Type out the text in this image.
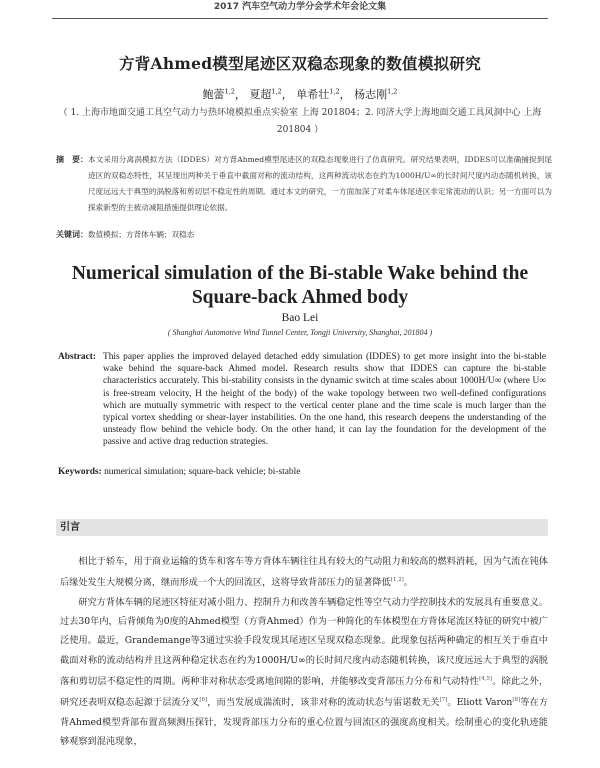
2017 汽车空气动力学分会学术年会论文集
方背Ahmed模型尾迹区双稳态现象的数值模拟研究
鲍蕾$^{1,2}$， 夏超$^{1,2}$， 单希壮$^{1,2}$， 杨志刚$^{1,2}$
（ 1. 上海市地面交通工具空气动力与热环境模拟重点实验室 上海 201804；2. 同济大学上海地面交通工具风洞中心 上海 201804 ）
摘　要： 本文采用分离涡模拟方法（IDDES）对方背Ahmed模型尾迹区的双稳态现象进行了仿真研究。研究结果表明，IDDES可以准确捕捉到尾迹区的双稳态特性，其呈现出两种关于垂直中截面对称的流动结构，这两种流动状态在约为1000H/U∞的长时间尺度内动态随机转换，该尺度远远大于典型的涡脱落和剪切层不稳定性的周期。通过本文的研究，一方面加深了对柔车体尾迹区非定常流动的认识；另一方面可以为探索新型的主被动减阻措施提供理论依据。
关键词：数值模拟；方背体车辆；双稳态
Numerical simulation of the Bi-stable Wake behind the Square-back Ahmed body
Bao Lei
( Shanghai Automotive Wind Tunnel Center, Tongji University, Shanghai, 201804 )
Abstract: This paper applies the improved delayed detached eddy simulation (IDDES) to get more insight into the bi-stable wake behind the square-back Ahmed model. Research results show that IDDES can capture the bi-stable characteristics accurately. This bi-stability consists in the dynamic switch at time scales about 1000H/U∞ (where U∞ is free-stream velocity, H the height of the body) of the wake topology between two well-defined configurations which are mutually symmetric with respect to the vertical center plane and the time scale is much larger than the typical vortex shedding or shear-layer instabilities. On the one hand, this research deepens the understanding of the unsteady flow behind the vehicle body. On the other hand, it can lay the foundation for the development of the passive and active drag reduction strategies.
Keywords: numerical simulation; square-back vehicle; bi-stable
引言

相比于轿车，用于商业运输的货车和客车等方背体车辆往往具有较大的气动阻力和较高的燃料消耗，因为气流在钝体后缘处发生大规模分离，继而形成一个大的回流区，这将导致背部压力的显著降低[1,2]。

研究方背体车辆的尾迹区特征对减小阻力、控制升力和改善车辆稳定性等空气动力学控制技术的发展具有重要意义。过去30年内，后背倾角为0度的Ahmed模型（方背Ahmed）作为一种简化的车体模型在方背体尾流区特征的研究中被广泛使用。最近，Grandemange等3通过实验手段发现其尾迹区呈现双稳态现象。此现象包括两种确定的相互关于垂直中截面对称的流动结构并且这两种稳定状态在约为1000H/U∞的长时间尺度内动态随机转换，该尺度远远大于典型的涡脱落和剪切层不稳定性的周期。两种非对称状态受离地间隙的影响，并能够改变背部压力分布和气动特性[4,5]。除此之外，研究还表明双稳态起源于层流分叉[6]，而当发展成湍流时，该非对称的流动状态与雷诺数无关[7]。Eliott Varon[8]等在方背Ahmed模型背部布置高频测压探针，发现背部压力分布的重心位置与回流区的强度高度相关。绘制重心的变化轨迹能够观察到混沌现象，
